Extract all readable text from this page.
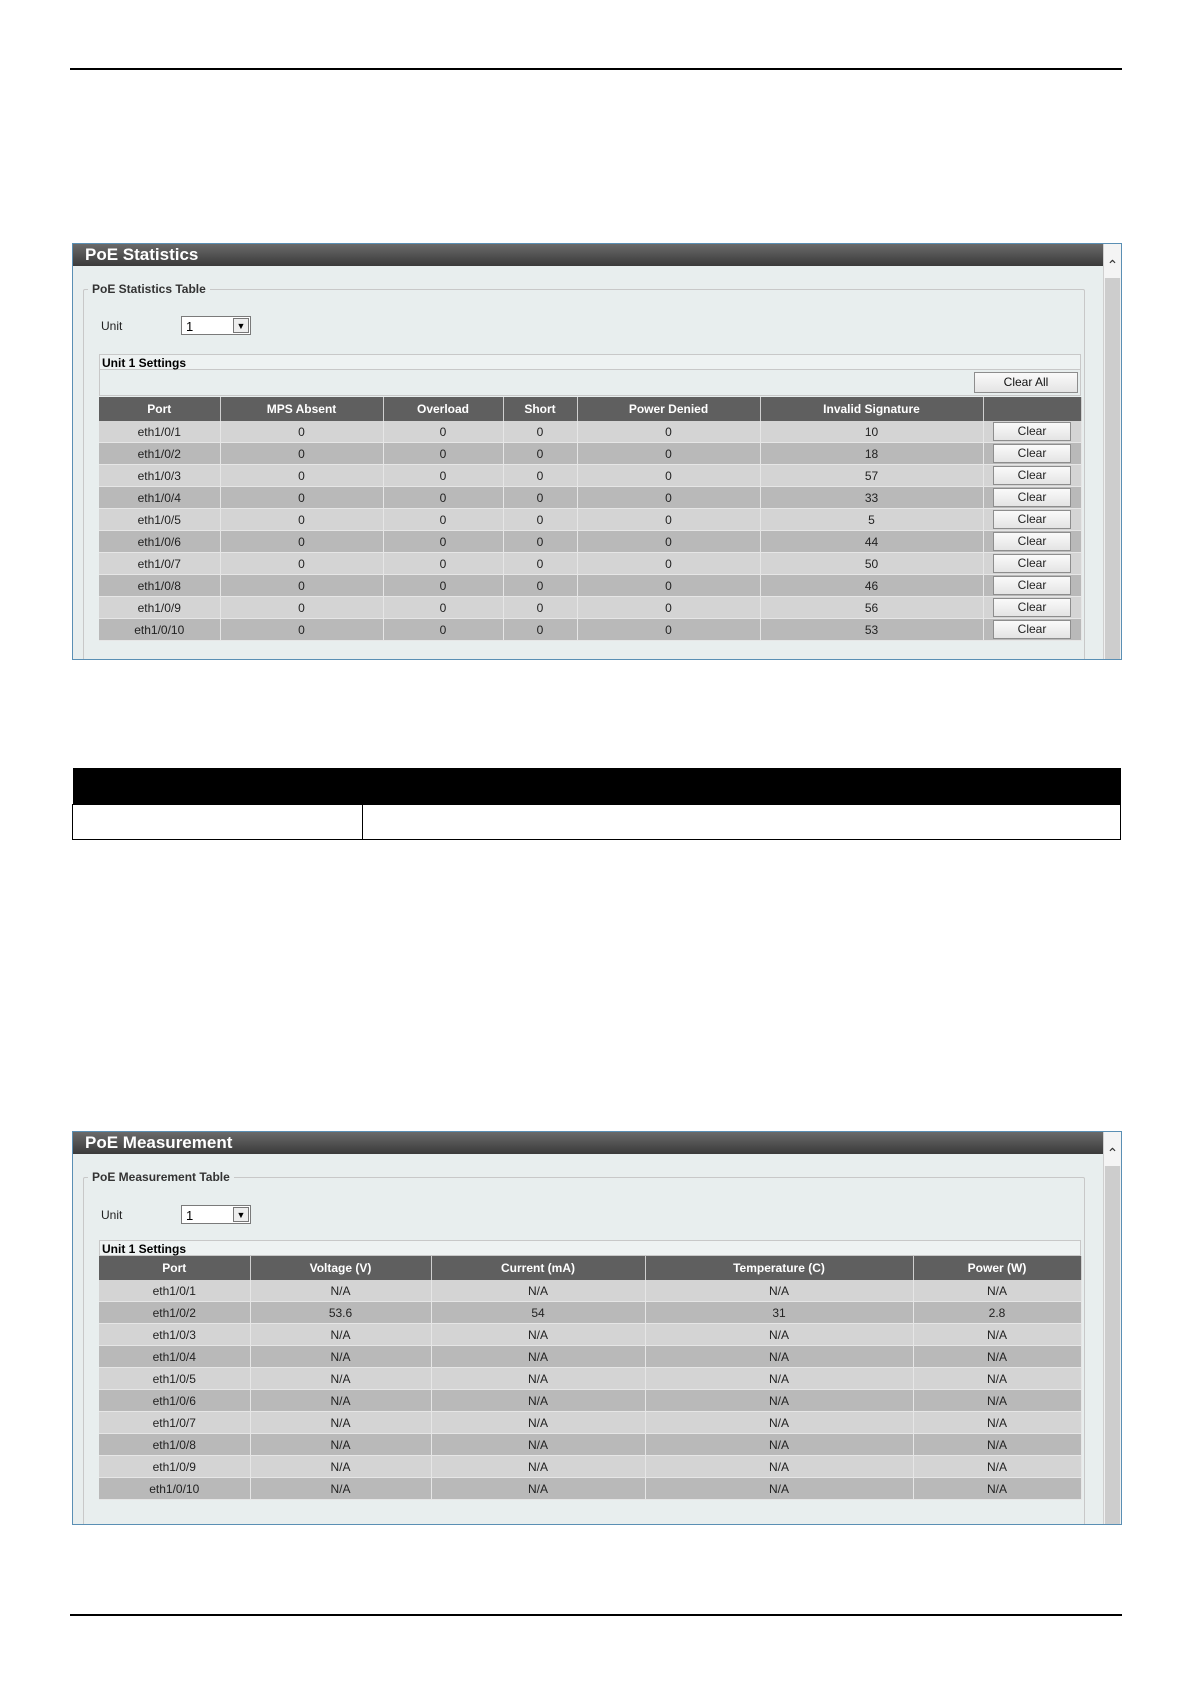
PoE Statistics
⌃
PoE Statistics Table
Unit	1	▼
Unit 1 Settings
Clear All
Port	MPS Absent	Overload	Short	Power Denied	Invalid Signature	
eth1/0/1	0	0	0	0	10	Clear
eth1/0/2	0	0	0	0	18	Clear
eth1/0/3	0	0	0	0	57	Clear
eth1/0/4	0	0	0	0	33	Clear
eth1/0/5	0	0	0	0	5	Clear
eth1/0/6	0	0	0	0	44	Clear
eth1/0/7	0	0	0	0	50	Clear
eth1/0/8	0	0	0	0	46	Clear
eth1/0/9	0	0	0	0	56	Clear
eth1/0/10	0	0	0	0	53	Clear

PoE Measurement
⌃
PoE Measurement Table
Unit	1	▼
Unit 1 Settings
Port	Voltage (V)	Current (mA)	Temperature (C)	Power (W)
eth1/0/1	N/A	N/A	N/A	N/A
eth1/0/2	53.6	54	31	2.8
eth1/0/3	N/A	N/A	N/A	N/A
eth1/0/4	N/A	N/A	N/A	N/A
eth1/0/5	N/A	N/A	N/A	N/A
eth1/0/6	N/A	N/A	N/A	N/A
eth1/0/7	N/A	N/A	N/A	N/A
eth1/0/8	N/A	N/A	N/A	N/A
eth1/0/9	N/A	N/A	N/A	N/A
eth1/0/10	N/A	N/A	N/A	N/A
